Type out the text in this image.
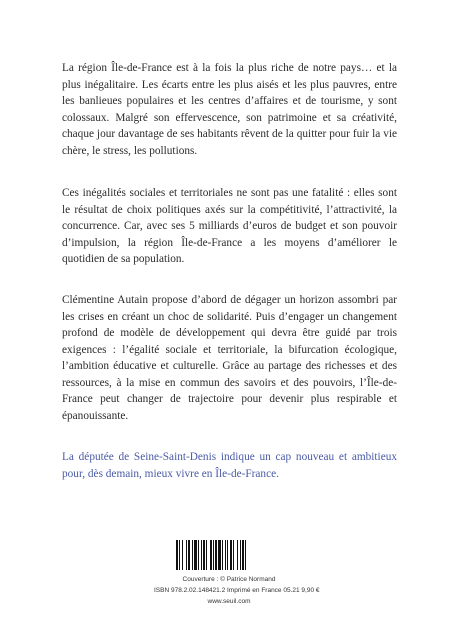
La région Île-de-France est à la fois la plus riche de notre pays… et la plus inégalitaire. Les écarts entre les plus aisés et les plus pauvres, entre les banlieues populaires et les centres d’affaires et de tourisme, y sont colossaux. Malgré son effervescence, son patrimoine et sa créativité, chaque jour davantage de ses habitants rêvent de la quitter pour fuir la vie chère, le stress, les pollutions.

Ces inégalités sociales et territoriales ne sont pas une fatalité : elles sont le résultat de choix politiques axés sur la compétitivité, l’attractivité, la concurrence. Car, avec ses 5 milliards d’euros de budget et son pouvoir d’impulsion, la région Île-de-France a les moyens d’améliorer le quotidien de sa population.

Clémentine Autain propose d’abord de dégager un horizon assombri par les crises en créant un choc de solidarité. Puis d’engager un changement profond de modèle de développement qui devra être guidé par trois exigences : l’égalité sociale et territoriale, la bifurcation écologique, l’ambition éducative et culturelle. Grâce au partage des richesses et des ressources, à la mise en commun des savoirs et des pouvoirs, l’Île-de-France peut changer de trajectoire pour devenir plus respirable et épanouissante.

La députée de Seine-Saint-Denis indique un cap nouveau et ambitieux pour, dès demain, mieux vivre en Île-de-France.

Couverture : © Patrice Normand
ISBN 978.2.02.148421.2 Imprimé en France 05.21 9,90 €
www.seuil.com
